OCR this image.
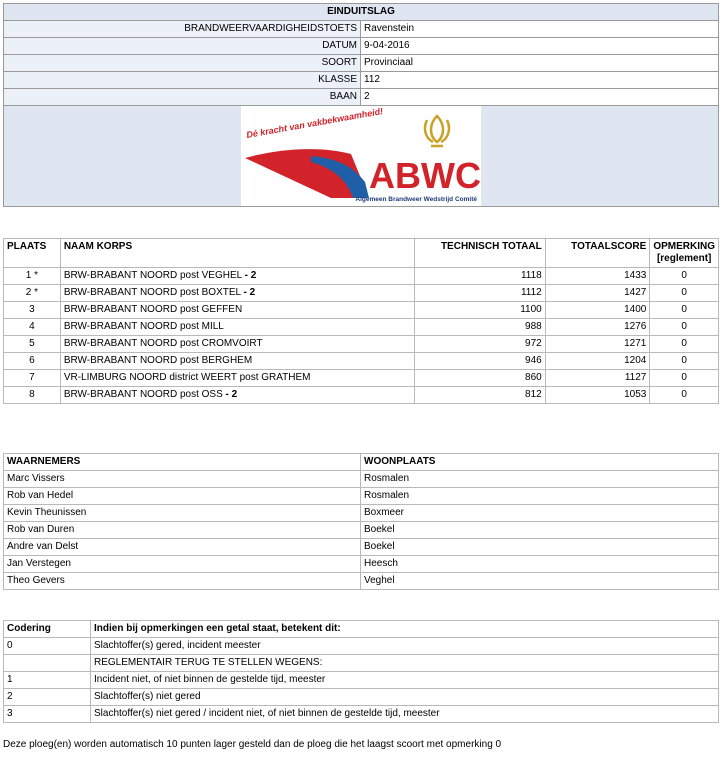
EINDUITSLAG	
BRANDWEERVAARDIGHEIDSTOETS	Ravenstein
DATUM	9-04-2016
SOORT	Provinciaal
KLASSE	112
BAAN	2

Dé kracht van vakbekwaamheid!
ABWC
Algemeen Brandweer Wedstrijd Comité	
PLAATS	NAAM KORPS	TECHNISCH TOTAAL	TOTAALSCORE	OPMERKING
[reglement]
1 *	BRW-BRABANT NOORD post VEGHEL - 2	1118	1433	0
2 *	BRW-BRABANT NOORD post BOXTEL - 2	1112	1427	0
3	BRW-BRABANT NOORD post GEFFEN	1100	1400	0
4	BRW-BRABANT NOORD post MILL	988	1276	0
5	BRW-BRABANT NOORD post CROMVOIRT	972	1271	0
6	BRW-BRABANT NOORD post BERGHEM	946	1204	0
7	VR-LIMBURG NOORD district WEERT post GRATHEM	860	1127	0
8	BRW-BRABANT NOORD post OSS - 2	812	1053	0
WAARNEMERS	WOONPLAATS
Marc Vissers	Rosmalen
Rob van Hedel	Rosmalen
Kevin Theunissen	Boxmeer
Rob van Duren	Boekel
Andre van Delst	Boekel
Jan Verstegen	Heesch
Theo Gevers	Veghel
Codering	Indien bij opmerkingen een getal staat, betekent dit:
0	Slachtoffer(s) gered, incident meester
	REGLEMENTAIR TERUG TE STELLEN WEGENS:
1	Incident niet, of niet binnen de gestelde tijd, meester
2	Slachtoffer(s) niet gered
3	Slachtoffer(s) niet gered / incident niet, of niet binnen de gestelde tijd, meester
Deze ploeg(en) worden automatisch 10 punten lager gesteld dan de ploeg die het laagst scoort met opmerking 0
